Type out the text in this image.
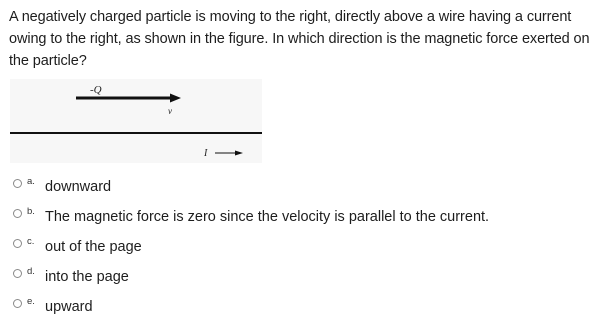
A negatively charged particle is moving to the right, directly above a wire having a current owing to the right, as shown in the figure. In which direction is the magnetic force exerted on the particle?
-Q
v
I
a. downward
b. The magnetic force is zero since the velocity is parallel to the current.
c. out of the page
d. into the page
e. upward
